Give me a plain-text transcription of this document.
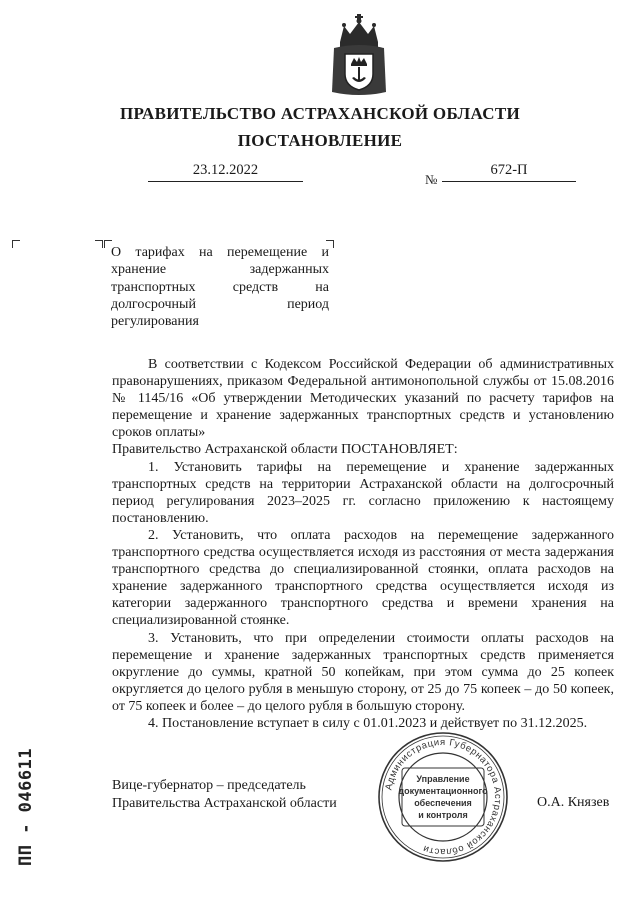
ПРАВИТЕЛЬСТВО АСТРАХАНСКОЙ ОБЛАСТИ
ПОСТАНОВЛЕНИЕ
23.12.2022
№
672-П
О тарифах на перемещение и хранение задержанных транспортных средств на долгосрочный период регулирования

В соответствии с Кодексом Российской Федерации об административных правонарушениях, приказом Федеральной антимонопольной службы от 15.08.2016 № 1145/16 «Об утверждении Методических указаний по расчету тарифов на перемещение и хранение задержанных транспортных средств и установлению сроков оплаты»

Правительство Астраханской области ПОСТАНОВЛЯЕТ:

1. Установить тарифы на перемещение и хранение задержанных транспортных средств на территории Астраханской области на долгосрочный период регулирования 2023–2025 гг. согласно приложению к настоящему постановлению.

2. Установить, что оплата расходов на перемещение задержанного транспортного средства осуществляется исходя из расстояния от места задержания транспортного средства до специализированной стоянки, оплата расходов на хранение задержанного транспортного средства осуществляется исходя из категории задержанного транспортного средства и времени хранения на специализированной стоянке.

3. Установить, что при определении стоимости оплаты расходов на перемещение и хранение задержанных транспортных средств применяется округление до суммы, кратной 50 копейкам, при этом сумма до 25 копеек округляется до целого рубля в меньшую сторону, от 25 до 75 копеек – до 50 копеек, от 75 копеек и более – до целого рубля в большую сторону.

4. Постановление вступает в силу с 01.01.2023 и действует по 31.12.2025.

ПП - 046611	Вице-губернатор – председатель
Правительства Астраханской области	О.А. Князев
Администрация Губернатора Астраханской области
Управление
документационного
обеспечения
и контроля
